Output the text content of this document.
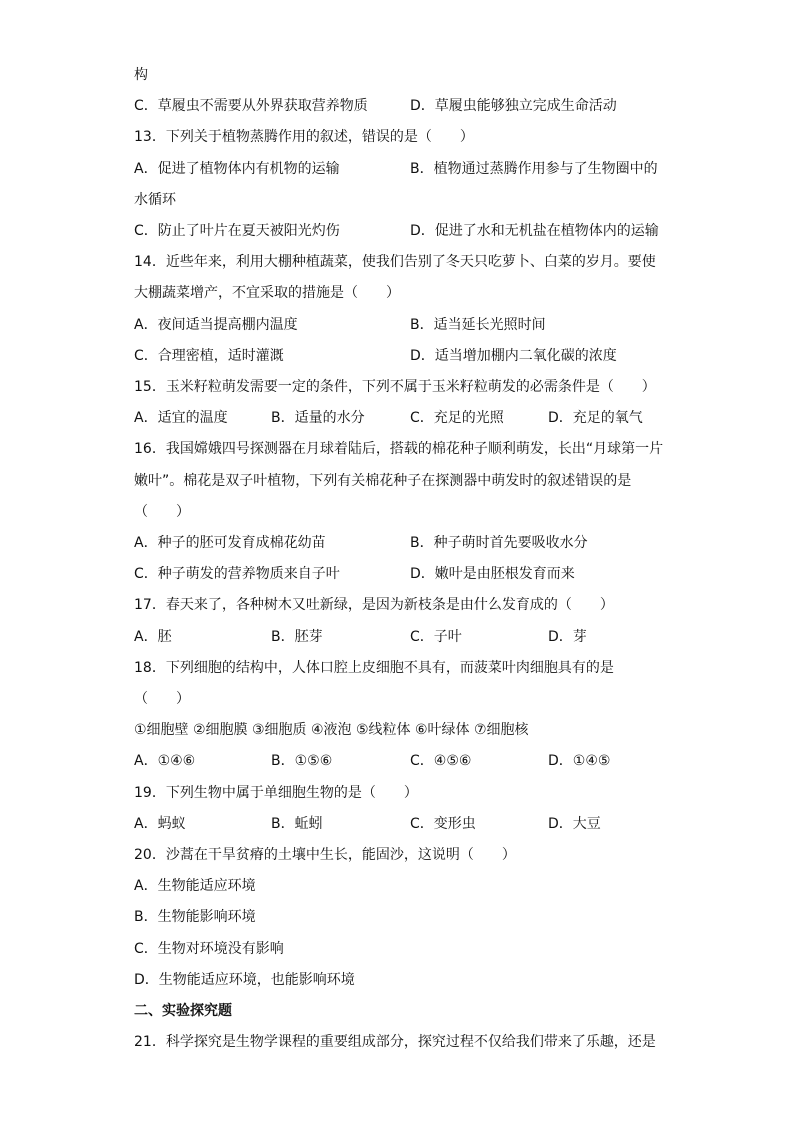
构
C．草履虫不需要从外界获取营养物质	D．草履虫能够独立完成生命活动
13．下列关于植物蒸腾作用的叙述，错误的是（　　）
A．促进了植物体内有机物的运输	B．植物通过蒸腾作用参与了生物圈中的
水循环
C．防止了叶片在夏天被阳光灼伤	D．促进了水和无机盐在植物体内的运输
14．近些年来，利用大棚种植蔬菜，使我们告别了冬天只吃萝卜、白菜的岁月。要使
大棚蔬菜增产，不宜采取的措施是（　　）
A．夜间适当提高棚内温度	B．适当延长光照时间
C．合理密植，适时灌溉	D．适当增加棚内二氧化碳的浓度
15．玉米籽粒萌发需要一定的条件，下列不属于玉米籽粒萌发的必需条件是（　　）
A．适宜的温度	B．适量的水分	C．充足的光照	D．充足的氧气
16．我国嫦娥四号探测器在月球着陆后，搭载的棉花种子顺利萌发，长出“月球第一片
嫩叶”。棉花是双子叶植物，下列有关棉花种子在探测器中萌发时的叙述错误的是
（　　）
A．种子的胚可发育成棉花幼苗	B．种子萌时首先要吸收水分
C．种子萌发的营养物质来自子叶	D．嫩叶是由胚根发育而来
17．春天来了，各种树木又吐新绿，是因为新枝条是由什么发育成的（　　）
A．胚	B．胚芽	C．子叶	D．芽
18．下列细胞的结构中，人体口腔上皮细胞不具有，而菠菜叶肉细胞具有的是
（　　）
①细胞壁 ②细胞膜 ③细胞质 ④液泡 ⑤线粒体 ⑥叶绿体 ⑦细胞核
A．①④⑥	B．①⑤⑥	C．④⑤⑥	D．①④⑤
19．下列生物中属于单细胞生物的是（　　）
A．蚂蚁	B．蚯蚓	C．变形虫	D．大豆
20．沙蒿在干旱贫瘠的土壤中生长，能固沙，这说明（　　）
A．生物能适应环境
B．生物能影响环境
C．生物对环境没有影响
D．生物能适应环境，也能影响环境
二、实验探究题
21．科学探究是生物学课程的重要组成部分，探究过程不仅给我们带来了乐趣，还是
